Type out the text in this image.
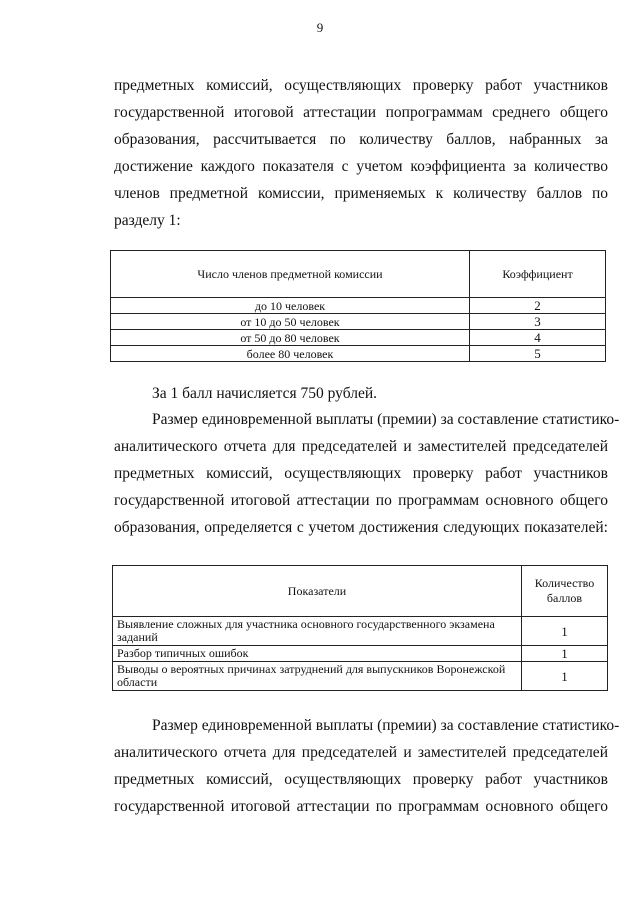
9
предметных комиссий, осуществляющих проверку работ участников
государственной итоговой аттестации попрограммам среднего общего
образования, рассчитывается по количеству баллов, набранных за
достижение каждого показателя с учетом коэффициента за количество
членов предметной комиссии, применяемых к количеству баллов по
разделу 1:
Число членов предметной комиссии	Коэффициент
до 10 человек	2
от 10 до 50 человек	3
от 50 до 80 человек	4
более 80 человек	5
За 1 балл начисляется 750 рублей.
Размер единовременной выплаты (премии) за составление статистико-
аналитического отчета для председателей и заместителей председателей
предметных комиссий, осуществляющих проверку работ участников
государственной итоговой аттестации по программам основного общего
образования, определяется с учетом достижения следующих показателей:
Показатели	Количество баллов
Выявление сложных для участника основного государственного экзамена заданий	1
Разбор типичных ошибок	1
Выводы о вероятных причинах затруднений для выпускников Воронежской области	1
Размер единовременной выплаты (премии) за составление статистико-
аналитического отчета для председателей и заместителей председателей
предметных комиссий, осуществляющих проверку работ участников
государственной итоговой аттестации по программам основного общего
